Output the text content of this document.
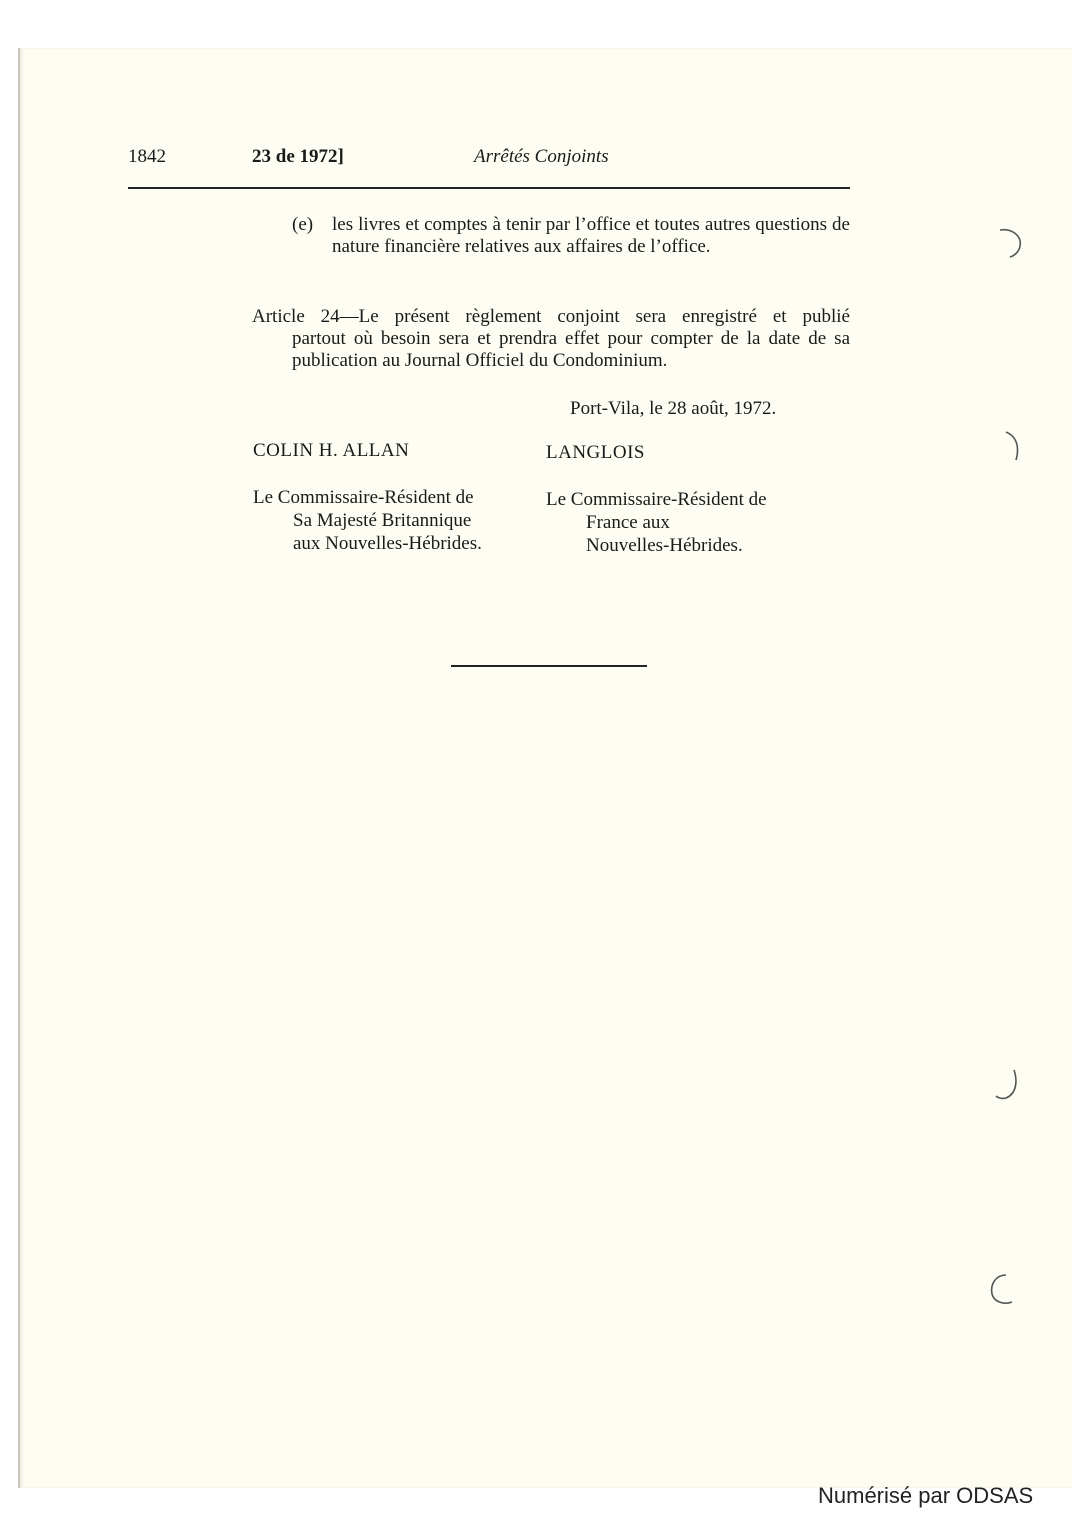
1842	23 de 1972]	Arrêtés Conjoints
(e) les livres et comptes à tenir par l’office et toutes autres questions de nature financière relatives aux affaires de l’office.
Article 24—Le présent règlement conjoint sera enregistré et publié
partout où besoin sera et prendra effet pour compter de la date de sa publication au Journal Officiel du Condominium.
Port-Vila, le 28 août, 1972.
COLIN H. ALLAN	LANGLOIS
Le Commissaire-Résident de
Sa Majesté Britannique
aux Nouvelles-Hébrides.
Le Commissaire-Résident de
France aux
Nouvelles-Hébrides.
Numérisé par ODSAS
